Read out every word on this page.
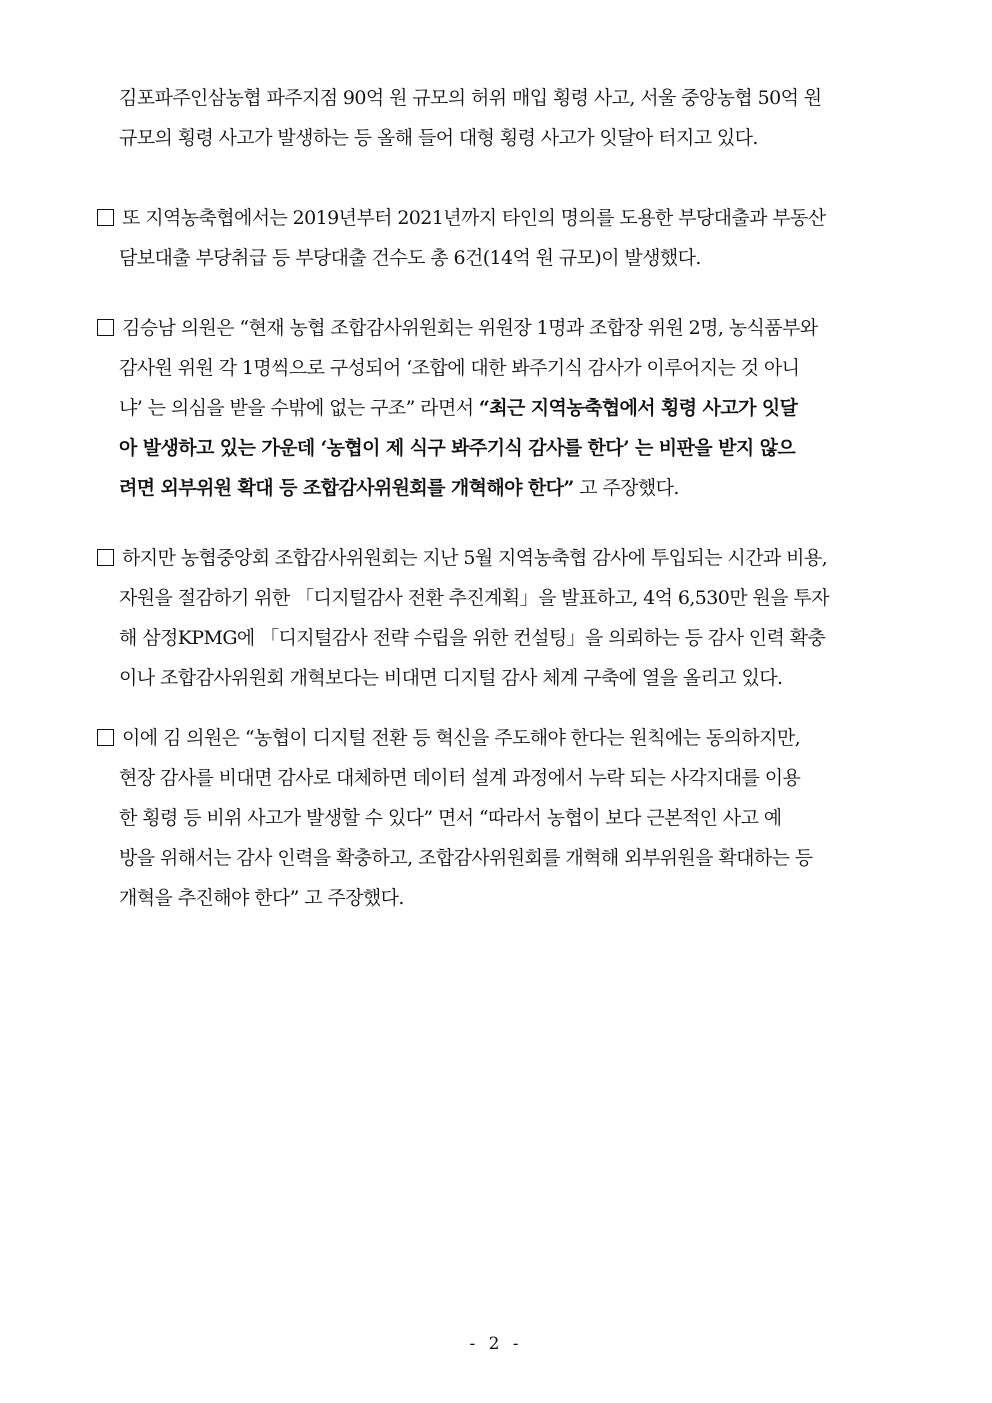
김포파주인삼농협 파주지점 90억 원 규모의 허위 매입 횡령 사고, 서울 중앙농협 50억 원
규모의 횡령 사고가 발생하는 등 올해 들어 대형 횡령 사고가 잇달아 터지고 있다.
또 지역농축협에서는 2019년부터 2021년까지 타인의 명의를 도용한 부당대출과 부동산
담보대출 부당취급 등 부당대출 건수도 총 6건(14억 원 규모)이 발생했다.
김승남 의원은 “현재 농협 조합감사위원회는 위원장 1명과 조합장 위원 2명, 농식품부와
감사원 위원 각 1명씩으로 구성되어 ‘조합에 대한 봐주기식 감사가 이루어지는 것 아니
냐’ 는 의심을 받을 수밖에 없는 구조” 라면서 “최근 지역농축협에서 횡령 사고가 잇달
아 발생하고 있는 가운데 ‘농협이 제 식구 봐주기식 감사를 한다’ 는 비판을 받지 않으
려면 외부위원 확대 등 조합감사위원회를 개혁해야 한다” 고 주장했다.
하지만 농협중앙회 조합감사위원회는 지난 5월 지역농축협 감사에 투입되는 시간과 비용,
자원을 절감하기 위한 「디지털감사 전환 추진계획」을 발표하고, 4억 6,530만 원을 투자
해 삼정KPMG에 「디지털감사 전략 수립을 위한 컨설팅」을 의뢰하는 등 감사 인력 확충
이나 조합감사위원회 개혁보다는 비대면 디지털 감사 체계 구축에 열을 올리고 있다.
이에 김 의원은 “농협이 디지털 전환 등 혁신을 주도해야 한다는 원칙에는 동의하지만,
현장 감사를 비대면 감사로 대체하면 데이터 설계 과정에서 누락 되는 사각지대를 이용
한 횡령 등 비위 사고가 발생할 수 있다” 면서 “따라서 농협이 보다 근본적인 사고 예
방을 위해서는 감사 인력을 확충하고, 조합감사위원회를 개혁해 외부위원을 확대하는 등
개혁을 추진해야 한다” 고 주장했다.
- 2 -
